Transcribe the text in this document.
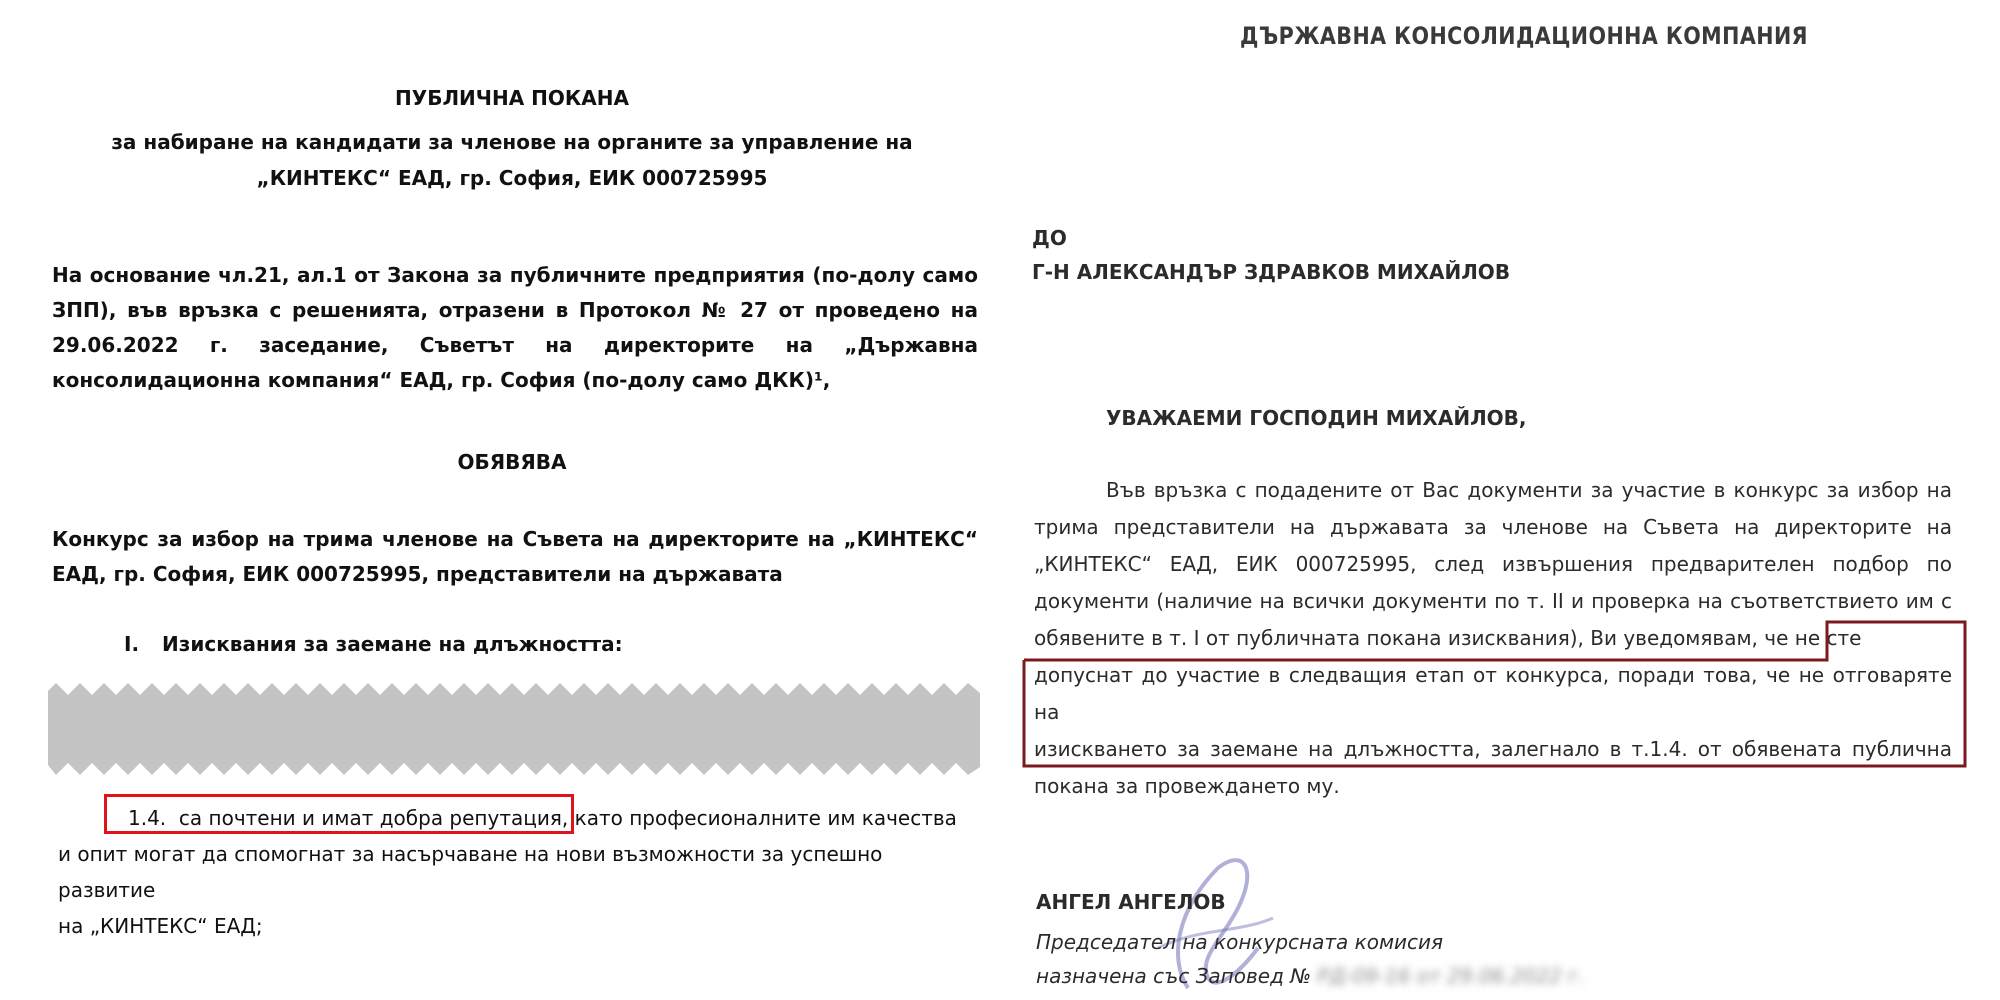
ПУБЛИЧНА ПОКАНА
за набиране на кандидати за членове на органите за управление на
„КИНТЕКС“ ЕАД, гр. София, ЕИК 000725995
На основание чл.21, ал.1 от Закона за публичните предприятия (по-долу само
ЗПП), във връзка с решенията, отразени в Протокол № 27 от проведено на
29.06.2022 г. заседание, Съветът на директорите на „Държавна
консолидационна компания“ ЕАД, гр. София (по-долу само ДКК)¹,
ОБЯВЯВА
Конкурс за избор на трима членове на Съвета на директорите на „КИНТЕКС“
ЕАД, гр. София, ЕИК 000725995, представители на държавата
I. Изисквания за заемане на длъжността:
1.4. са почтени и имат добра репутация, като професионалните им качества
и опит могат да спомогнат за насърчаване на нови възможности за успешно развитие
на „КИНТЕКС“ ЕАД;
ДЪРЖАВНА КОНСОЛИДАЦИОННА КОМПАНИЯ
ДО
Г-Н АЛЕКСАНДЪР ЗДРАВКОВ МИХАЙЛОВ
УВАЖАЕМИ ГОСПОДИН МИХАЙЛОВ,
Във връзка с подадените от Вас документи за участие в конкурс за избор на
трима представители на държавата за членове на Съвета на директорите на
„КИНТЕКС“ ЕАД, ЕИК 000725995, след извършения предварителен подбор по
документи (наличие на всички документи по т. II и проверка на съответствието им с
обявените в т. I от публичната покана изисквания), Ви уведомявам, че не сте
допуснат до участие в следващия етап от конкурса, поради това, че не отговаряте на
изискването за заемане на длъжността, залегнало в т.1.4. от обявената публична
покана за провеждането му.
АНГЕЛ АНГЕЛОВ
Председател на конкурсната комисия
назначена със Заповед № РД-09-16 от 29.06.2022 г.
